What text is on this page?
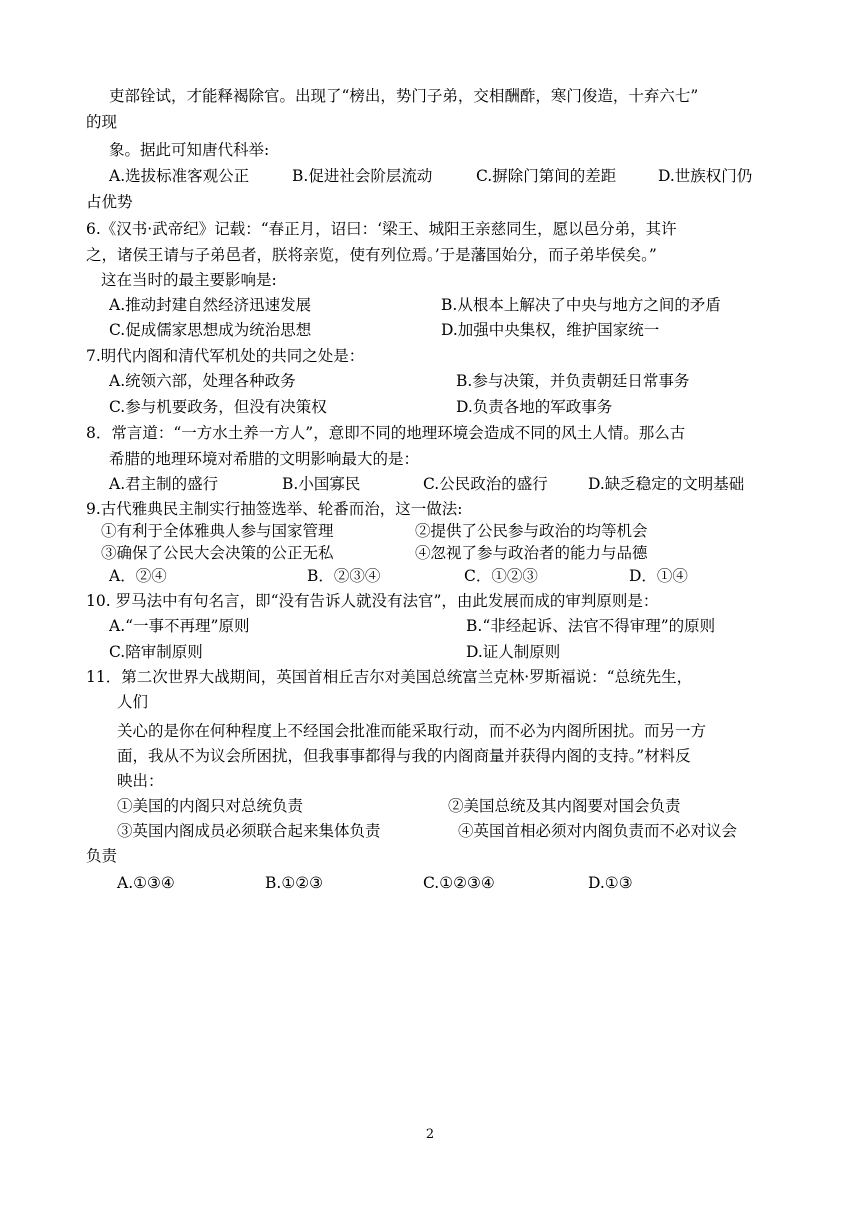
吏部铨试，才能释褐除官。出现了“榜出，势门子弟，交相酬酢，寒门俊造，十弃六七”
的现
象。据此可知唐代科举:
A.选拔标准客观公正	B.促进社会阶层流动	C.摒除门第间的差距	D.世族权门仍
占优势
6.《汉书·武帝纪》记载：“春正月，诏曰：‘梁王、城阳王亲慈同生，愿以邑分弟，其许
之，诸侯王请与子弟邑者，朕将亲览，使有列位焉。’于是藩国始分，而子弟毕侯矣。”
这在当时的最主要影响是:
A.推动封建自然经济迅速发展	B.从根本上解决了中央与地方之间的矛盾
C.促成儒家思想成为统治思想	D.加强中央集权，维护国家统一
7.明代内阁和清代军机处的共同之处是：
A.统领六部，处理各种政务	B.参与决策，并负责朝廷日常事务
C.参与机要政务，但没有决策权	D.负责各地的军政事务
8．常言道：“一方水土养一方人”，意即不同的地理环境会造成不同的风土人情。那么古
希腊的地理环境对希腊的文明影响最大的是：
A.君主制的盛行	B.小国寡民	C.公民政治的盛行	D.缺乏稳定的文明基础
9.古代雅典民主制实行抽签选举、轮番而治，这一做法:
①有利于全体雅典人参与国家管理	②提供了公民参与政治的均等机会
③确保了公民大会决策的公正无私	④忽视了参与政治者的能力与品德
A．②④	B．②③④	C．①②③	D．①④
10. 罗马法中有句名言，即“没有告诉人就没有法官”，由此发展而成的审判原则是：
A.“一事不再理”原则	B.“非经起诉、法官不得审理”的原则
C.陪审制原则	D.证人制原则
11．第二次世界大战期间，英国首相丘吉尔对美国总统富兰克林·罗斯福说：“总统先生，
人们
关心的是你在何种程度上不经国会批准而能采取行动，而不必为内阁所困扰。而另一方
面，我从不为议会所困扰，但我事事都得与我的内阁商量并获得内阁的支持。”材料反
映出：
①美国的内阁只对总统负责	②美国总统及其内阁要对国会负责
③英国内阁成员必须联合起来集体负责	④英国首相必须对内阁负责而不必对议会
负责
A.①③④	B.①②③	C.①②③④	D.①③
2
